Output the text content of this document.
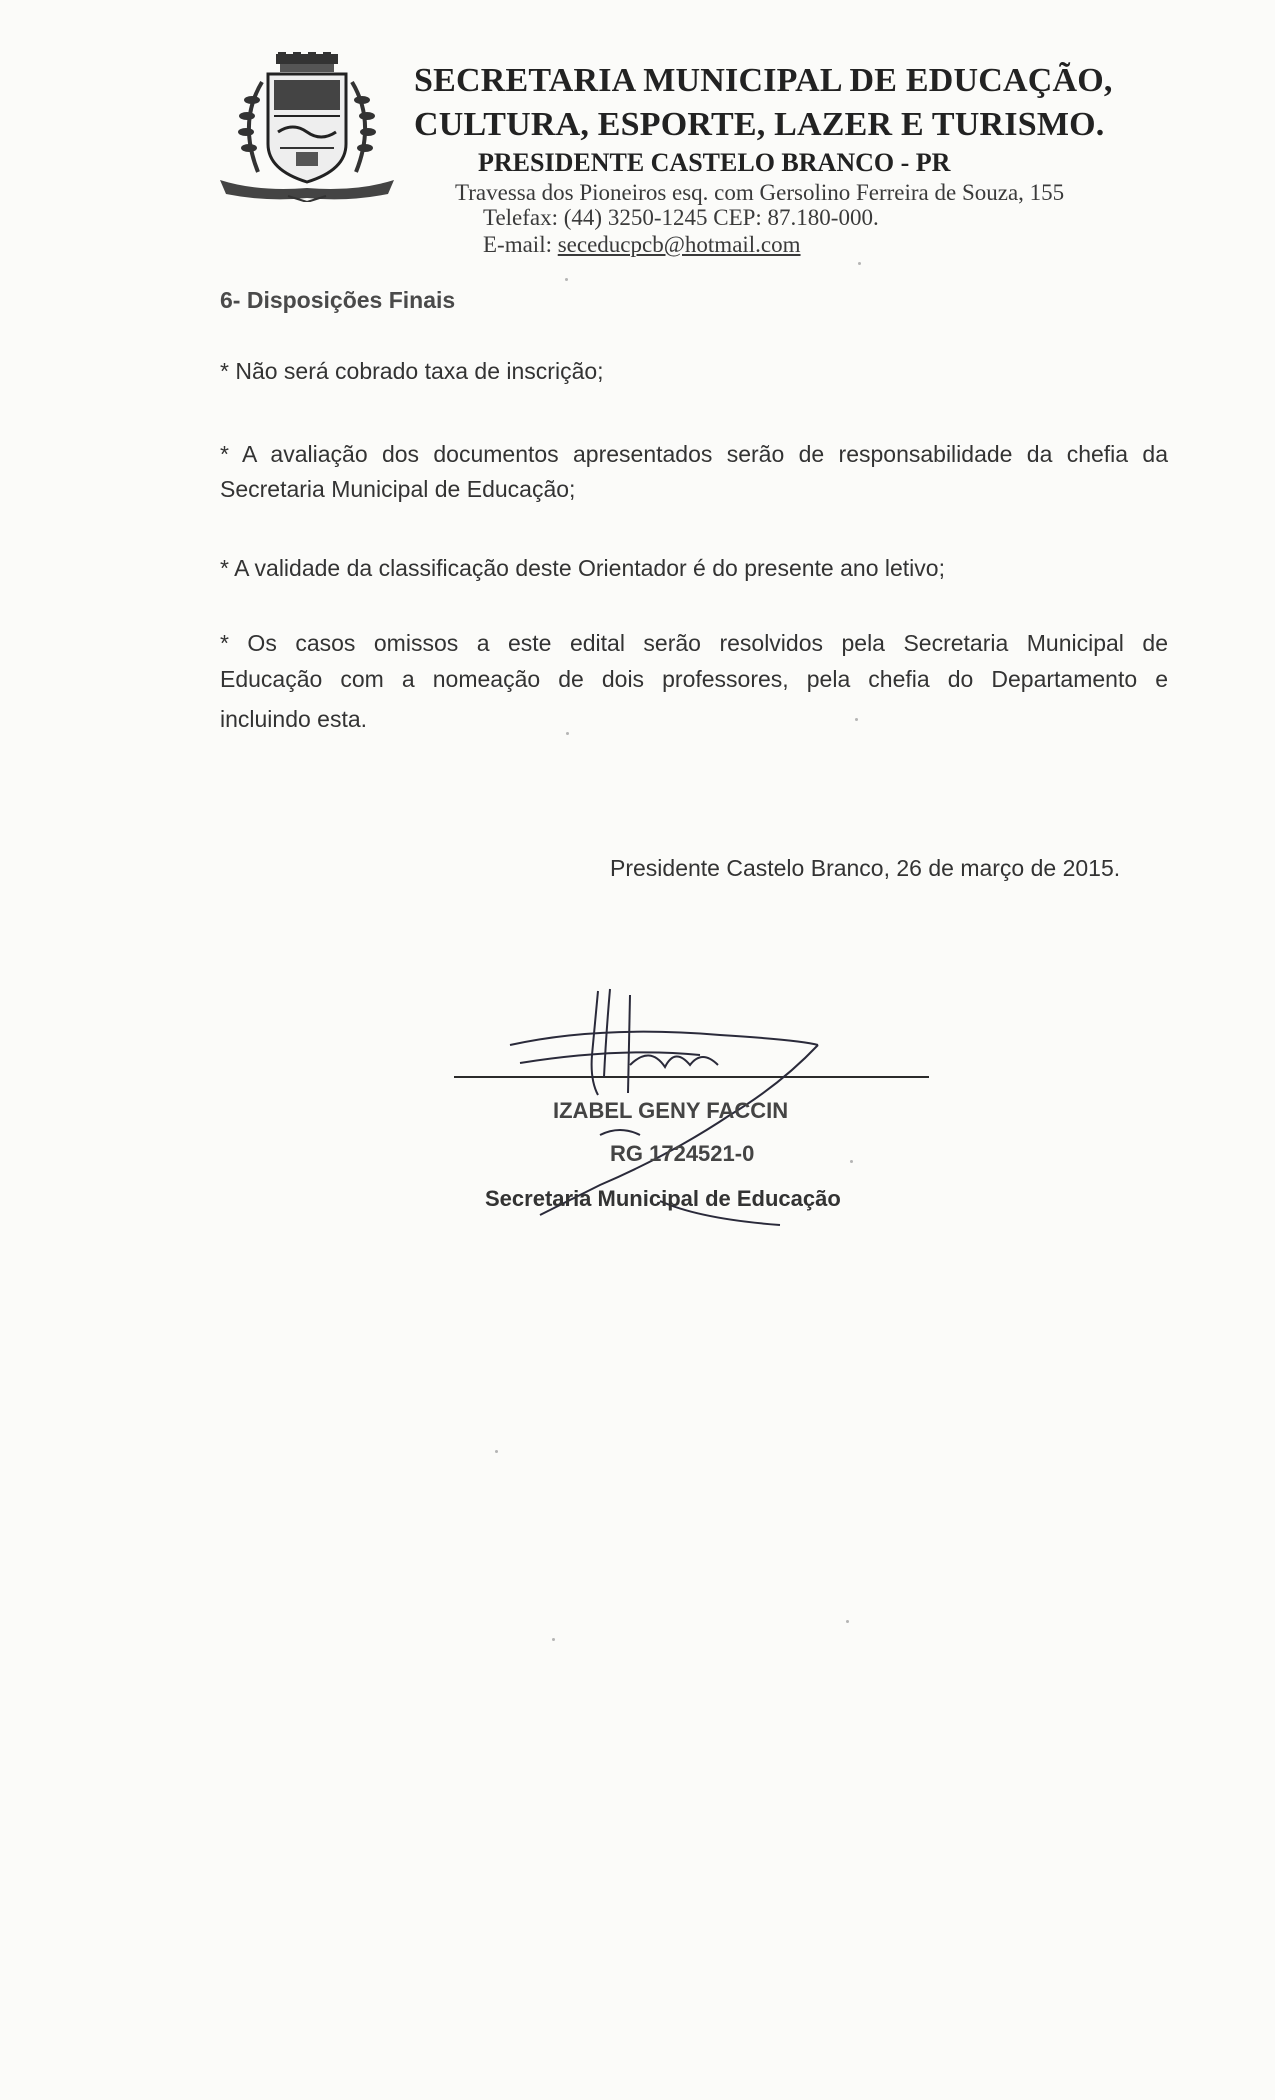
SECRETARIA MUNICIPAL DE EDUCAÇÃO,
CULTURA, ESPORTE, LAZER E TURISMO.
PRESIDENTE CASTELO BRANCO - PR
Travessa dos Pioneiros esq. com Gersolino Ferreira de Souza, 155
Telefax: (44) 3250-1245 CEP: 87.180-000.
E-mail: seceducpcb@hotmail.com
6- Disposições Finais
* Não será cobrado taxa de inscrição;
* A avaliação dos documentos apresentados serão de responsabilidade da chefia da
Secretaria Municipal de Educação;
* A validade da classificação deste Orientador é do presente ano letivo;
* Os casos omissos a este edital serão resolvidos pela Secretaria Municipal de
Educação com a nomeação de dois professores, pela chefia do Departamento e
incluindo esta.
Presidente Castelo Branco, 26 de março de 2015.
IZABEL GENY FACCIN
RG 1724521-0
Secretaria Municipal de Educação
